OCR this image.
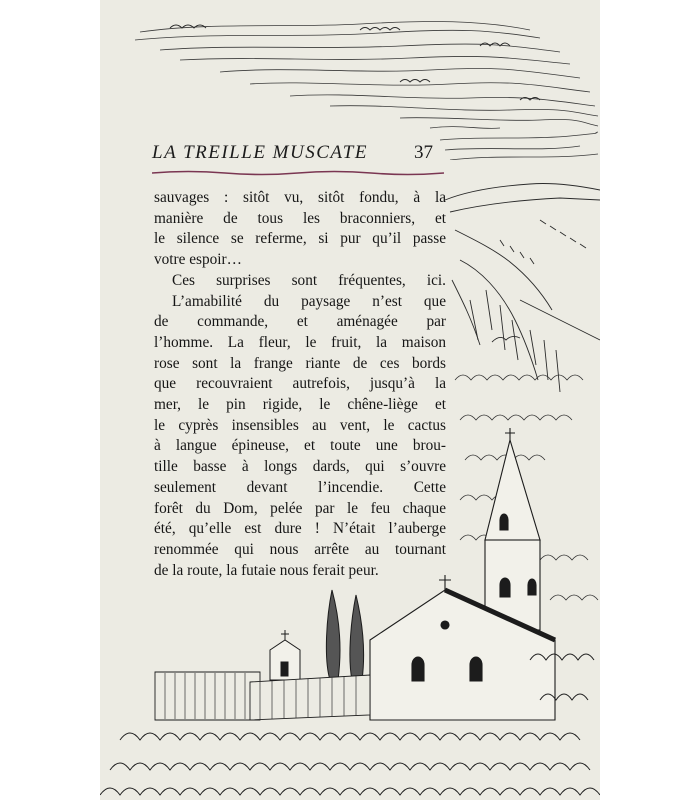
LA TREILLE MUSCATE 37

sauvages : sitôt vu, sitôt fondu, à la

manière de tous les braconniers, et

le silence se referme, si pur qu’il passe

votre espoir…

Ces surprises sont fréquentes, ici.

L’amabilité du paysage n’est que

de commande, et aménagée par

l’homme. La fleur, le fruit, la maison

rose sont la frange riante de ces bords

que recouvraient autrefois, jusqu’à la

mer, le pin rigide, le chêne-liège et

le cyprès insensibles au vent, le cactus

à langue épineuse, et toute une brou-

tille basse à longs dards, qui s’ouvre

seulement devant l’incendie. Cette

forêt du Dom, pelée par le feu chaque

été, qu’elle est dure ! N’était l’auberge

renommée qui nous arrête au tournant

de la route, la futaie nous ferait peur.
